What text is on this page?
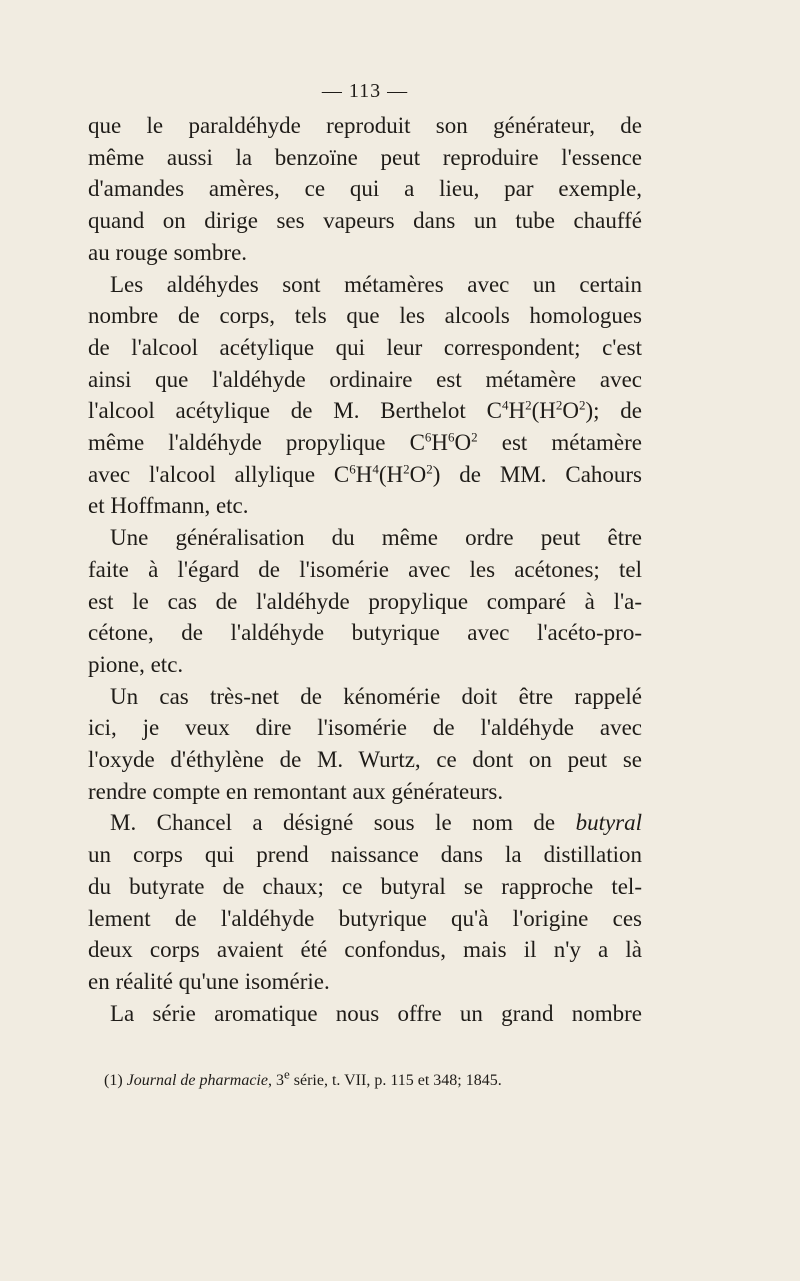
— 113 —

que le paraldéhyde reproduit son générateur, de
même aussi la benzoïne peut reproduire l'essence
d'amandes amères, ce qui a lieu, par exemple,
quand on dirige ses vapeurs dans un tube chauffé
au rouge sombre.

Les aldéhydes sont métamères avec un certain
nombre de corps, tels que les alcools homologues
de l'alcool acétylique qui leur correspondent; c'est
ainsi que l'aldéhyde ordinaire est métamère avec
l'alcool acétylique de M. Berthelot $C^4H^2(H^2O^2)$; de
même l'aldéhyde propylique $C^6H^6O^2$ est métamère
avec l'alcool allylique $C^6H^4(H^2O^2)$ de MM. Cahours
et Hoffmann, etc.

Une généralisation du même ordre peut être
faite à l'égard de l'isomérie avec les acétones; tel
est le cas de l'aldéhyde propylique comparé à l'a-
cétone, de l'aldéhyde butyrique avec l'acéto-pro-
pione, etc.

Un cas très-net de kénomérie doit être rappelé
ici, je veux dire l'isomérie de l'aldéhyde avec
l'oxyde d'éthylène de M. Wurtz, ce dont on peut se
rendre compte en remontant aux générateurs.

M. Chancel a désigné sous le nom de butyral
un corps qui prend naissance dans la distillation
du butyrate de chaux; ce butyral se rapproche tel-
lement de l'aldéhyde butyrique qu'à l'origine ces
deux corps avaient été confondus, mais il n'y a là
en réalité qu'une isomérie.

La série aromatique nous offre un grand nombre

(1) Journal de pharmacie, 3e série, t. VII, p. 115 et 348; 1845.
